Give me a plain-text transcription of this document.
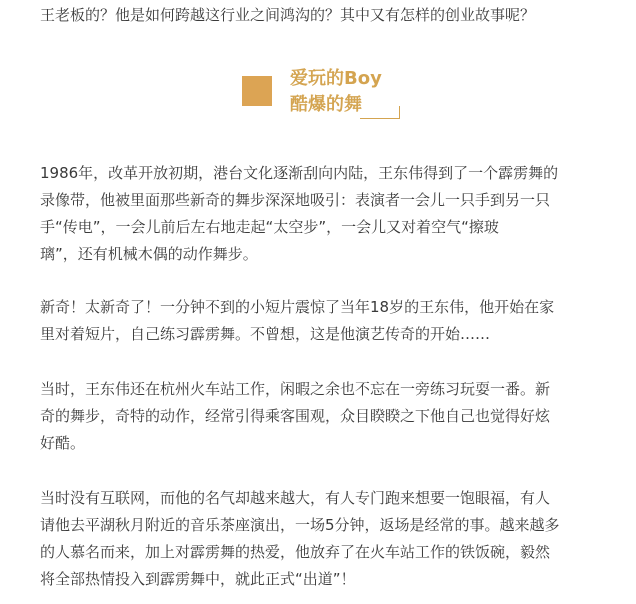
王老板的？他是如何跨越这行业之间鸿沟的？其中又有怎样的创业故事呢？
爱玩的Boy
酷爆的舞

1986年，改革开放初期，港台文化逐渐刮向内陆，王东伟得到了一个霹雳舞的
录像带，他被里面那些新奇的舞步深深地吸引：表演者一会儿一只手到另一只
手“传电”，一会儿前后左右地走起“太空步”，一会儿又对着空气“擦玻
璃”，还有机械木偶的动作舞步。

新奇！太新奇了！一分钟不到的小短片震惊了当年18岁的王东伟，他开始在家
里对着短片，自己练习霹雳舞。不曾想，这是他演艺传奇的开始……

当时，王东伟还在杭州火车站工作，闲暇之余也不忘在一旁练习玩耍一番。新
奇的舞步，奇特的动作，经常引得乘客围观，众目睽睽之下他自己也觉得好炫
好酷。

当时没有互联网，而他的名气却越来越大，有人专门跑来想要一饱眼福，有人
请他去平湖秋月附近的音乐茶座演出，一场5分钟，返场是经常的事。越来越多
的人慕名而来，加上对霹雳舞的热爱，他放弃了在火车站工作的铁饭碗，毅然
将全部热情投入到霹雳舞中，就此正式“出道”！
